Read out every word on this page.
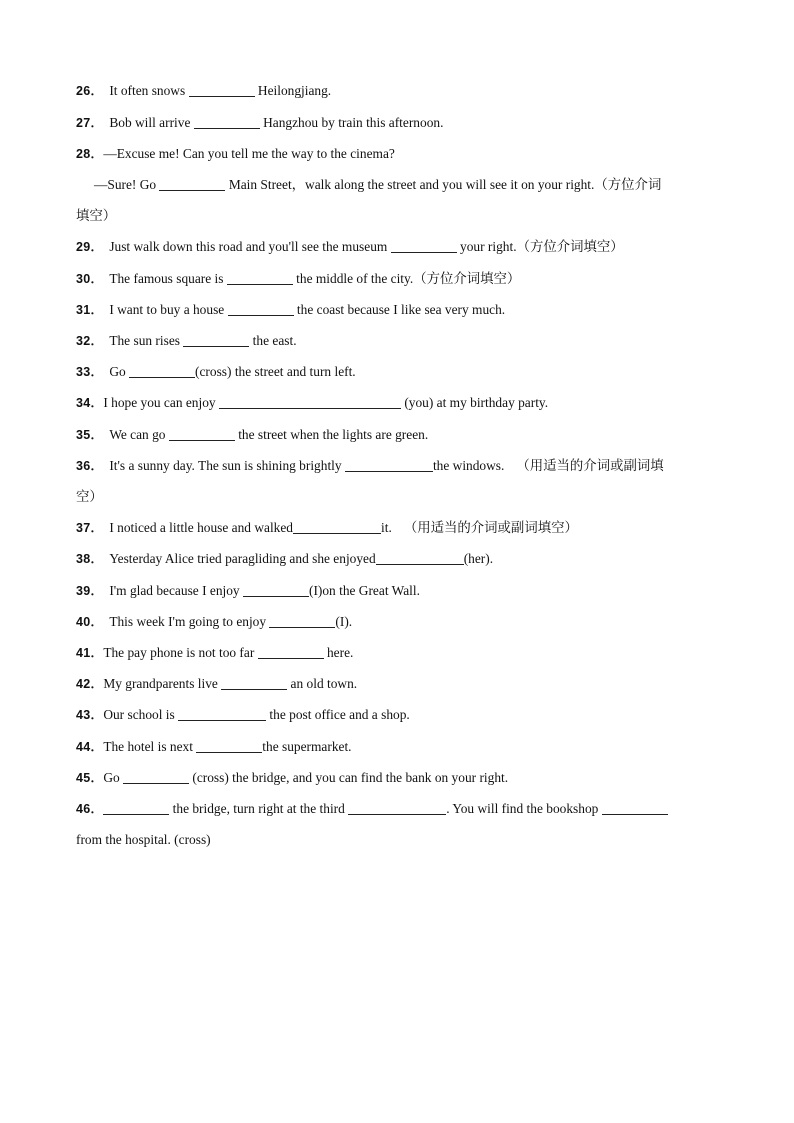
26． It often snows	Heilongjiang.
27． Bob will arrive	Hangzhou by train this afternoon.
28．—Excuse me! Can you tell me the way to the cinema?
—Sure! Go	Main Street，walk along the street and you will see it on your right.（方位介词
填空）
29． Just walk down this road and you'll see the museum	your right.（方位介词填空）
30． The famous square is	the middle of the city.（方位介词填空）
31． I want to buy a house	the coast because I like sea very much.
32． The sun rises	the east.
33． Go	(cross) the street and turn left.
34．I hope you can enjoy	(you) at my birthday party.
35． We can go	the street when the lights are green.
36． It's a sunny day. The sun is shining brightly	the windows. （用适当的介词或副词填
空）
37． I noticed a little house and walked	it. （用适当的介词或副词填空）
38． Yesterday Alice tried paragliding and she enjoyed	(her).
39． I'm glad because I enjoy	(I)on the Great Wall.
40． This week I'm going to enjoy	(I).
41．The pay phone is not too far	here.
42．My grandparents live	an old town.
43．Our school is	the post office and a shop.
44．The hotel is next	the supermarket.
45．Go	(cross) the bridge, and you can find the bank on your right.
46．	the bridge, turn right at the third	. You will find the bookshop
from the hospital. (cross)
